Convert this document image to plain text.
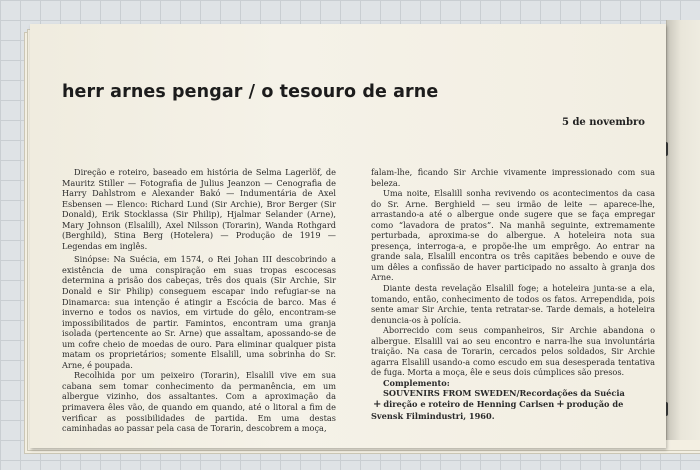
herr arnes pengar / o tesouro de arne
5 de novembro

Direção e roteiro, baseado em história de Selma Lagerlöf, de Mauritz Stiller — Fotografia de Julius Jeanzon — Cenografia de Harry Dahlstrom e Alexander Bakó — Indumentária de Axel Esbensen — Elenco: Richard Lund (Sir Archie), Bror Berger (Sir Donald), Erik Stocklassa (Sir Philip), Hjalmar Selander (Arne), Mary Johnson (Elsalill), Axel Nilsson (Torarin), Wanda Rothgard (Berghild), Stina Berg (Hotelera) — Produção de 1919 — Legendas em inglês.

Sinópse: Na Suécia, em 1574, o Rei Johan III descobrindo a existência de uma conspiração em suas tropas escocesas determina a prisão dos cabeças, três dos quais (Sir Archie, Sir Donald e Sir Philip) conseguem escapar indo refugiar-se na Dinamarca: sua intenção é atingir a Escócia de barco. Mas é inverno e todos os navios, em virtude do gêlo, encontram-se impossibilitados de partir. Famintos, encontram uma granja isolada (pertencente ao Sr. Arne) que assaltam, apossando-se de um cofre cheio de moedas de ouro. Para eliminar qualquer pista matam os proprietários; somente Elsalill, uma sobrinha do Sr. Arne, é poupada.

Recolhida por um peixeiro (Torarin), Elsalill vive em sua cabana sem tomar conhecimento da permanência, em um albergue vizinho, dos assaltantes. Com a aproximação da primavera êles vão, de quando em quando, até o litoral a fim de verificar as possibilidades de partida. Em uma destas caminhadas ao passar pela casa de Torarin, descobrem a moça,

falam-lhe, ficando Sir Archie vivamente impressionado com sua beleza.

Uma noite, Elsalill sonha revivendo os acontecimentos da casa do Sr. Arne. Berghield — seu irmão de leite — aparece-lhe, arrastando-a até o albergue onde sugere que se faça empregar como “lavadora de pratos”. Na manhã seguinte, extremamente perturbada, aproxima-se do albergue. A hoteleira nota sua presença, interroga-a, e propõe-lhe um emprêgo. Ao entrar na grande sala, Elsalill encontra os três capitães bebendo e ouve de um dêles a confissão de haver participado no assalto à granja dos Arne.

Diante desta revelação Elsalill foge; a hoteleira junta-se a ela, tomando, então, conhecimento de todos os fatos. Arrependida, pois sente amar Sir Archie, tenta retratar-se. Tarde demais, a hoteleira denuncia-os à polícia.

Aborrecido com seus companheiros, Sir Archie abandona o albergue. Elsalill vai ao seu encontro e narra-lhe sua involuntária traição. Na casa de Torarin, cercados pelos soldados, Sir Archie agarra Elsalill usando-a como escudo em sua desesperada tentativa de fuga. Morta a moça, êle e seus dois cúmplices são presos.

Complemento:

SOUVENIRS FROM SWEDEN/Recordações da Suécia

+ direção e roteiro de Henning Carlsen + produção de

Svensk Filmindustri, 1960.
